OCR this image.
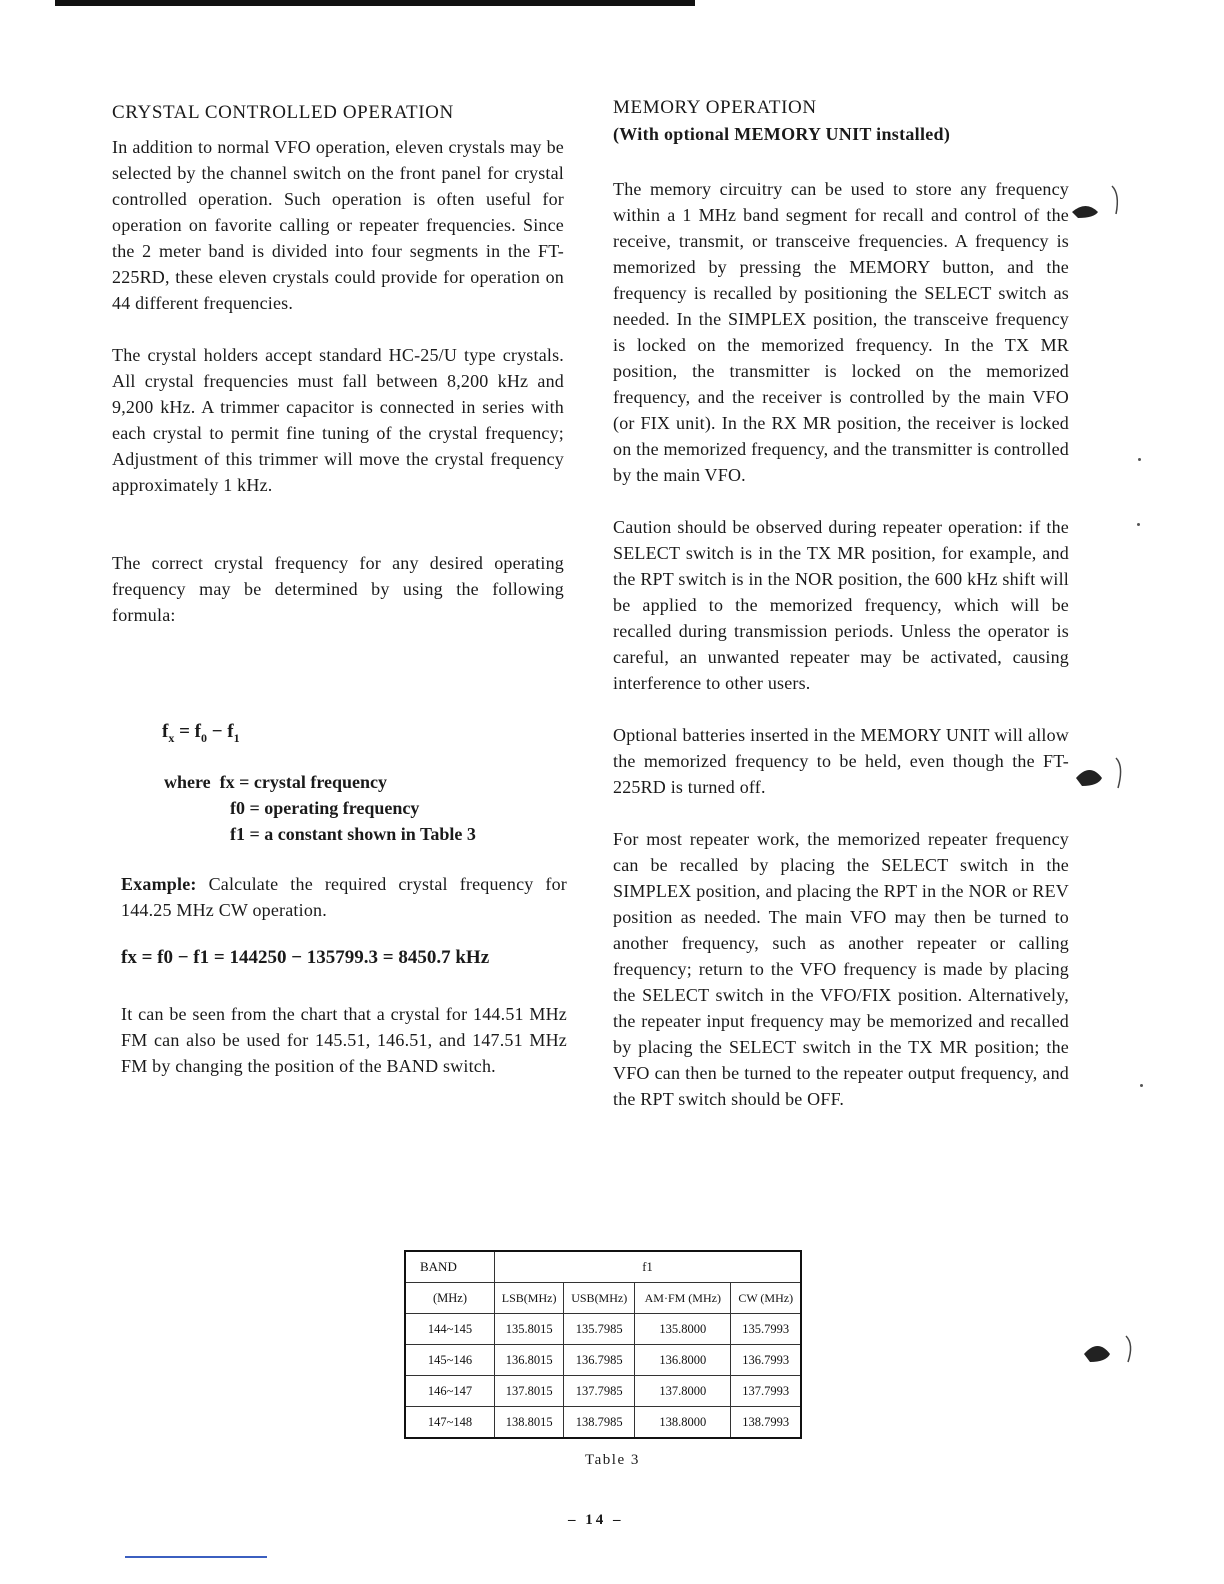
CRYSTAL CONTROLLED OPERATION

In addition to normal VFO operation, eleven crystals may be selected by the channel switch on the front panel for crystal controlled operation. Such operation is often useful for operation on favorite calling or repeater frequencies. Since the 2 meter band is divided into four segments in the FT-225RD, these eleven crystals could provide for operation on 44 different frequencies.

The crystal holders accept standard HC-25/U type crystals. All crystal frequencies must fall between 8,200 kHz and 9,200 kHz. A trimmer capacitor is connected in series with each crystal to permit fine tuning of the crystal frequency; Adjustment of this trimmer will move the crystal frequency approximately 1 kHz.

The correct crystal frequency for any desired operating frequency may be determined by using the following formula:

$f_x = f_0 - f_1$
where fx = crystal frequency
f0 = operating frequency
f1 = a constant shown in Table 3

Example: Calculate the required crystal frequency for 144.25 MHz CW operation.

fx = f0 − f1 = 144250 − 135799.3 = 8450.7 kHz

It can be seen from the chart that a crystal for 144.51 MHz FM can also be used for 145.51, 146.51, and 147.51 MHz FM by changing the position of the BAND switch.

MEMORY OPERATION
(With optional MEMORY UNIT installed)

The memory circuitry can be used to store any frequency within a 1 MHz band segment for recall and control of the receive, transmit, or transceive frequencies. A frequency is memorized by pressing the MEMORY button, and the frequency is recalled by positioning the SELECT switch as needed. In the SIMPLEX position, the transceive frequency is locked on the memorized frequency. In the TX MR position, the transmitter is locked on the memorized frequency, and the receiver is controlled by the main VFO (or FIX unit). In the RX MR position, the receiver is locked on the memorized frequency, and the transmitter is controlled by the main VFO.

Caution should be observed during repeater operation: if the SELECT switch is in the TX MR position, for example, and the RPT switch is in the NOR position, the 600 kHz shift will be applied to the memorized frequency, which will be recalled during transmission periods. Unless the operator is careful, an unwanted repeater may be activated, causing interference to other users.

Optional batteries inserted in the MEMORY UNIT will allow the memorized frequency to be held, even though the FT-225RD is turned off.

For most repeater work, the memorized repeater frequency can be recalled by placing the SELECT switch in the SIMPLEX position, and placing the RPT in the NOR or REV position as needed. The main VFO may then be turned to another frequency, such as another repeater or calling frequency; return to the VFO frequency is made by placing the SELECT switch in the VFO/FIX position. Alternatively, the repeater input frequency may be memorized and recalled by placing the SELECT switch in the TX MR position; the VFO can then be turned to the repeater output frequency, and the RPT switch should be OFF.

BAND	f1			
(MHz)	LSB(MHz)	USB(MHz)	AM·FM (MHz)	CW (MHz)
144~145	135.8015	135.7985	135.8000	135.7993
145~146	136.8015	136.7985	136.8000	136.7993
146~147	137.8015	137.7985	137.8000	137.7993
147~148	138.8015	138.7985	138.8000	138.7993
Table 3
– 14 –
